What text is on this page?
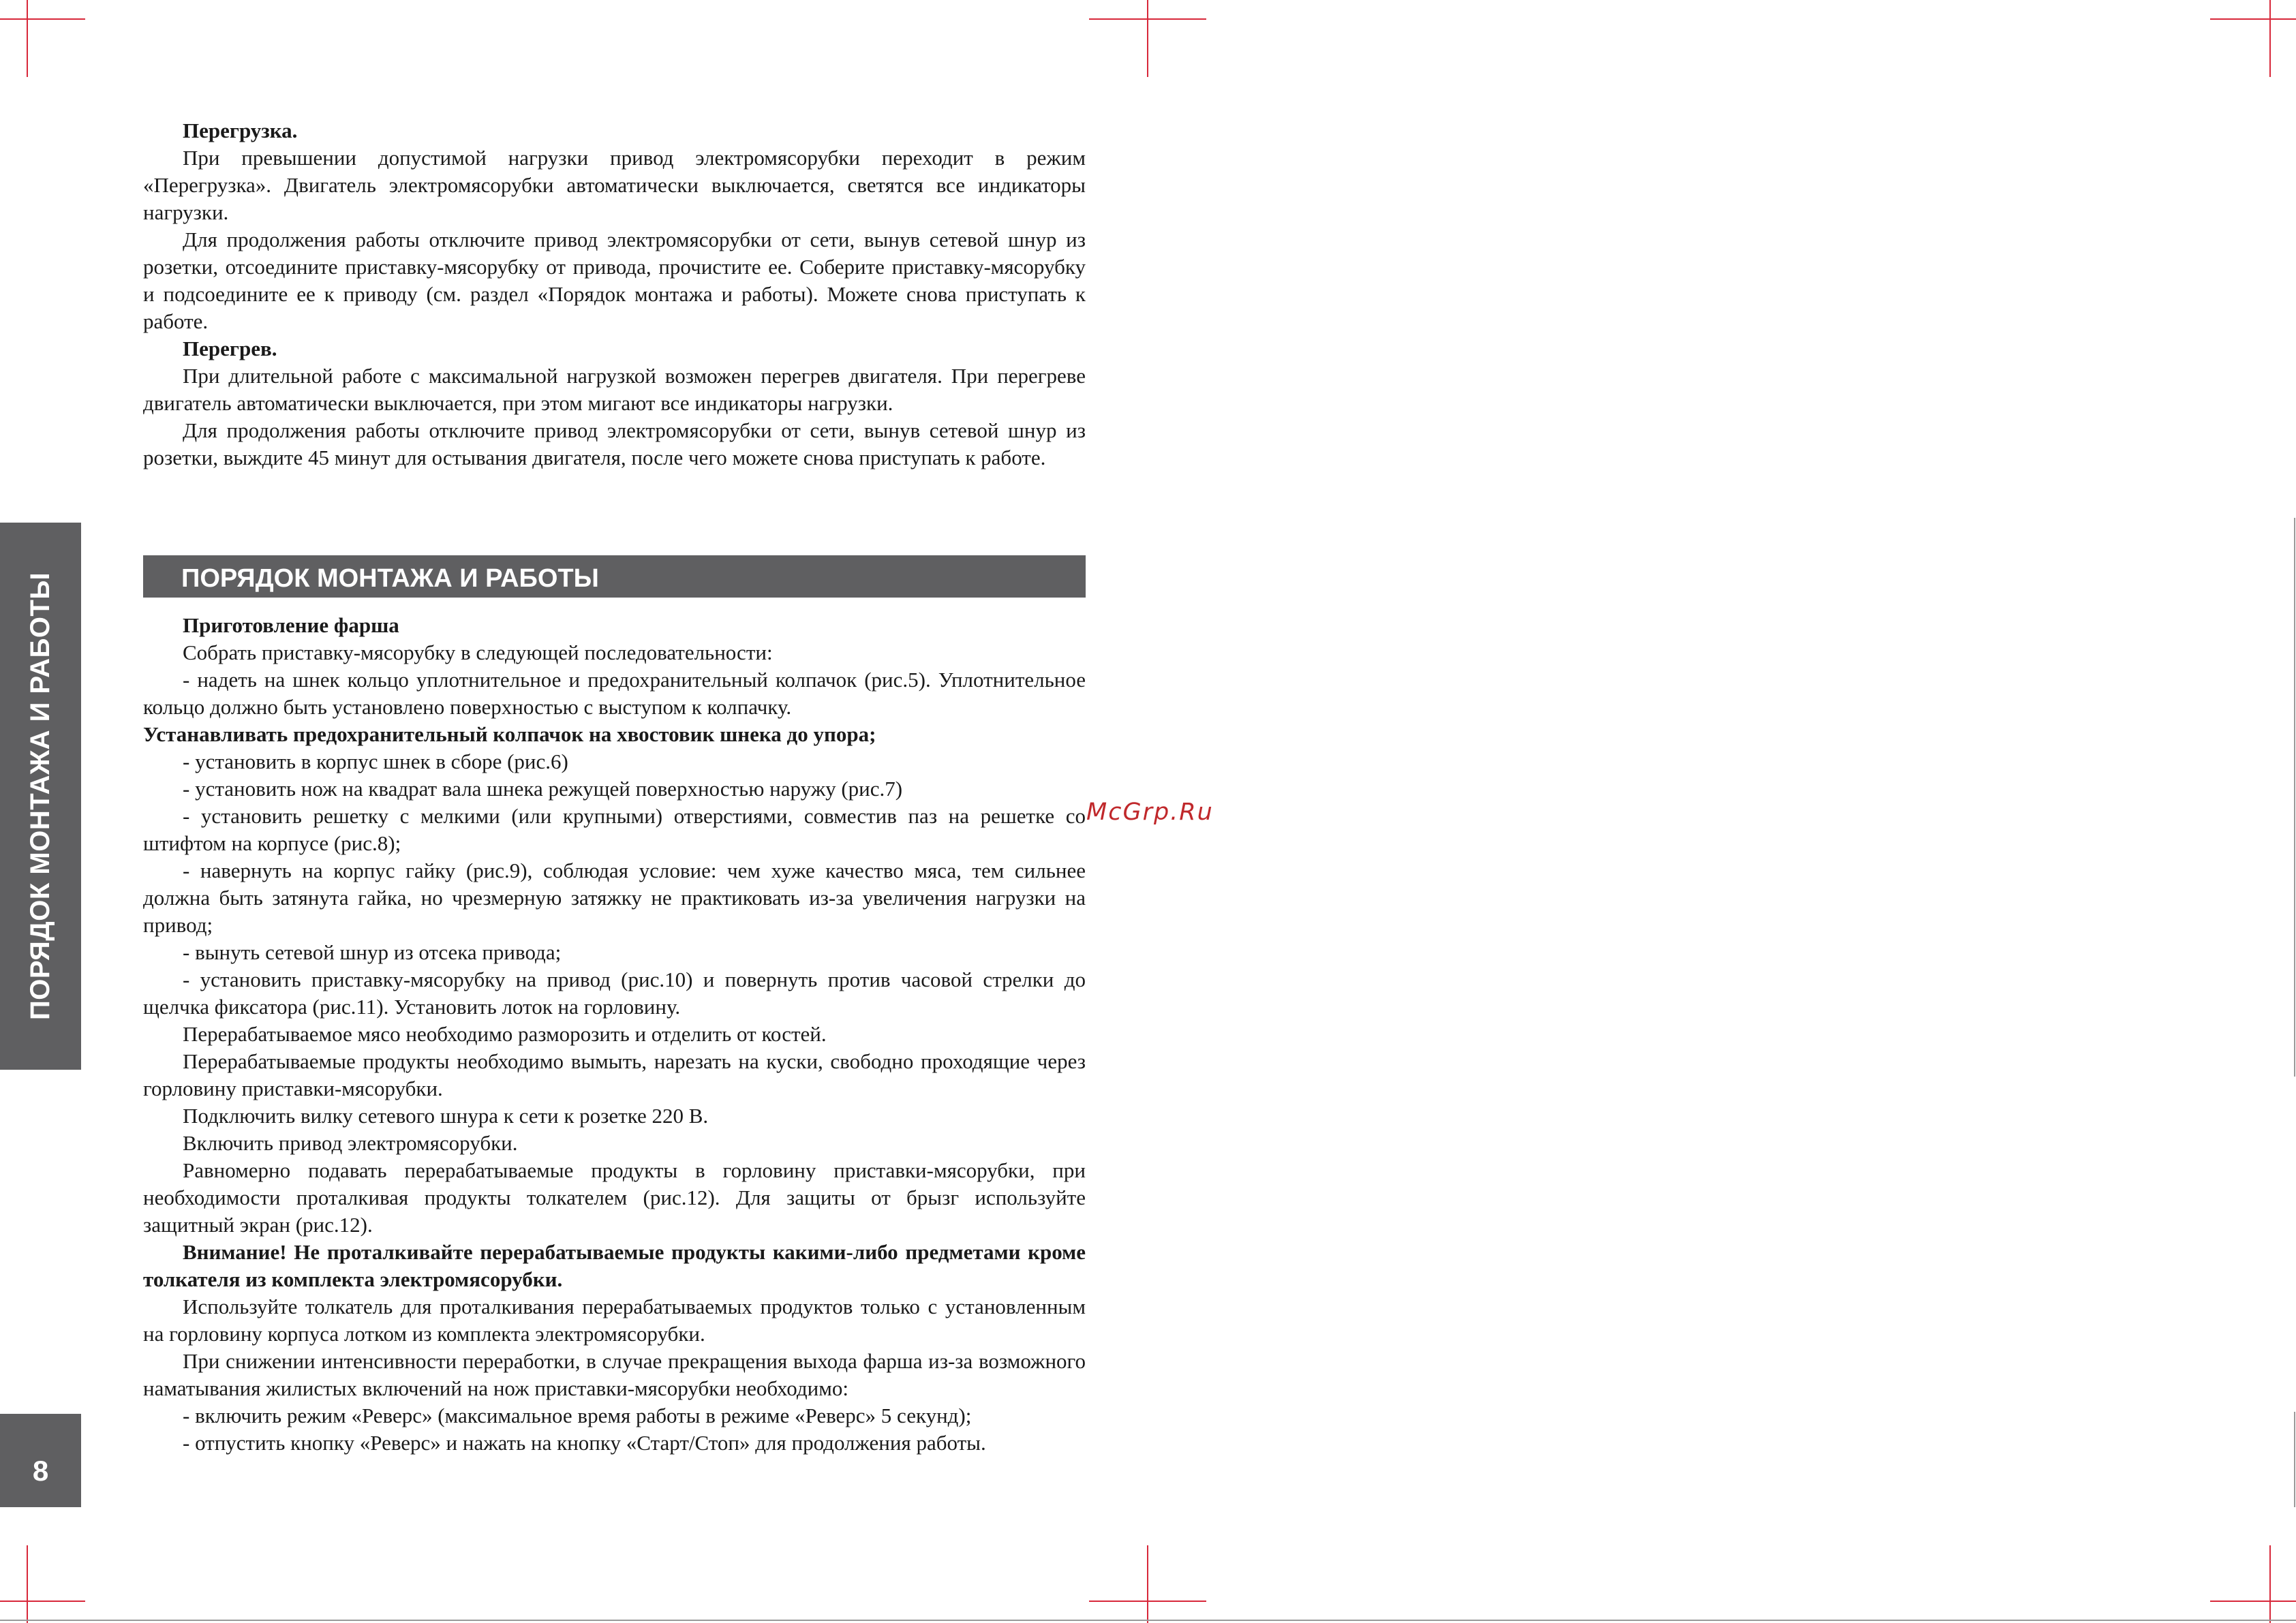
ПОРЯДОК МОНТАЖА И РАБОТЫ
8

Перегрузка.

При превышении допустимой нагрузки привод электромясорубки переходит в режим «Перегрузка». Двигатель электромясорубки автоматически выключается, светятся все индикаторы нагрузки.

Для продолжения работы отключите привод электромясорубки от сети, вынув сетевой шнур из розетки, отсоедините приставку-мясорубку от привода, прочистите ее. Соберите приставку-мясорубку и подсоедините ее к приводу (см. раздел «Порядок монтажа и работы). Можете снова приступать к работе.

Перегрев.

При длительной работе с максимальной нагрузкой возможен перегрев двигателя. При перегреве двигатель автоматически выключается, при этом мигают все индикаторы нагрузки.

Для продолжения работы отключите привод электромясорубки от сети, вынув сетевой шнур из розетки, выждите 45 минут для остывания двигателя, после чего можете снова приступать к работе.

ПОРЯДОК МОНТАЖА И РАБОТЫ

Приготовление фарша

Собрать приставку-мясорубку в следующей последовательности:

- надеть на шнек кольцо уплотнительное и предохранительный колпачок (рис.5). Уплотнительное кольцо должно быть установлено поверхностью с выступом к колпачку.

Устанавливать предохранительный колпачок на хвостовик шнека до упора;

- установить в корпус шнек в сборе (рис.6)

- установить нож на квадрат вала шнека режущей поверхностью наружу (рис.7)

- установить решетку с мелкими (или крупными) отверстиями, совместив паз на решетке со штифтом на корпусе (рис.8);

- навернуть на корпус гайку (рис.9), соблюдая условие: чем хуже качество мяса, тем сильнее должна быть затянута гайка, но чрезмерную затяжку не практиковать из-за увеличения нагрузки на привод;

- вынуть сетевой шнур из отсека привода;

- установить приставку-мясорубку на привод (рис.10) и повернуть против часовой стрелки до щелчка фиксатора (рис.11). Установить лоток на горловину.

Перерабатываемое мясо необходимо разморозить и отделить от костей.

Перерабатываемые продукты необходимо вымыть, нарезать на куски, свободно проходящие через горловину приставки-мясорубки.

Подключить вилку сетевого шнура к сети к розетке 220 В.

Включить привод электромясорубки.

Равномерно подавать перерабатываемые продукты в горловину приставки-мясорубки, при необходимости проталкивая продукты толкателем (рис.12). Для защиты от брызг используйте защитный экран (рис.12).

Внимание! Не проталкивайте перерабатываемые продукты какими-либо предметами кроме толкателя из комплекта электромясорубки.

Используйте толкатель для проталкивания перерабатываемых продуктов только с установленным на горловину корпуса лотком из комплекта электромясорубки.

При снижении интенсивности переработки, в случае прекращения выхода фарша из-за возможного наматывания жилистых включений на нож приставки-мясорубки необходимо:

- включить режим «Реверс» (максимальное время работы в режиме «Реверс» 5 секунд);

- отпустить кнопку «Реверс» и нажать на кнопку «Старт/Стоп» для продолжения работы.

McGrp.Ru
